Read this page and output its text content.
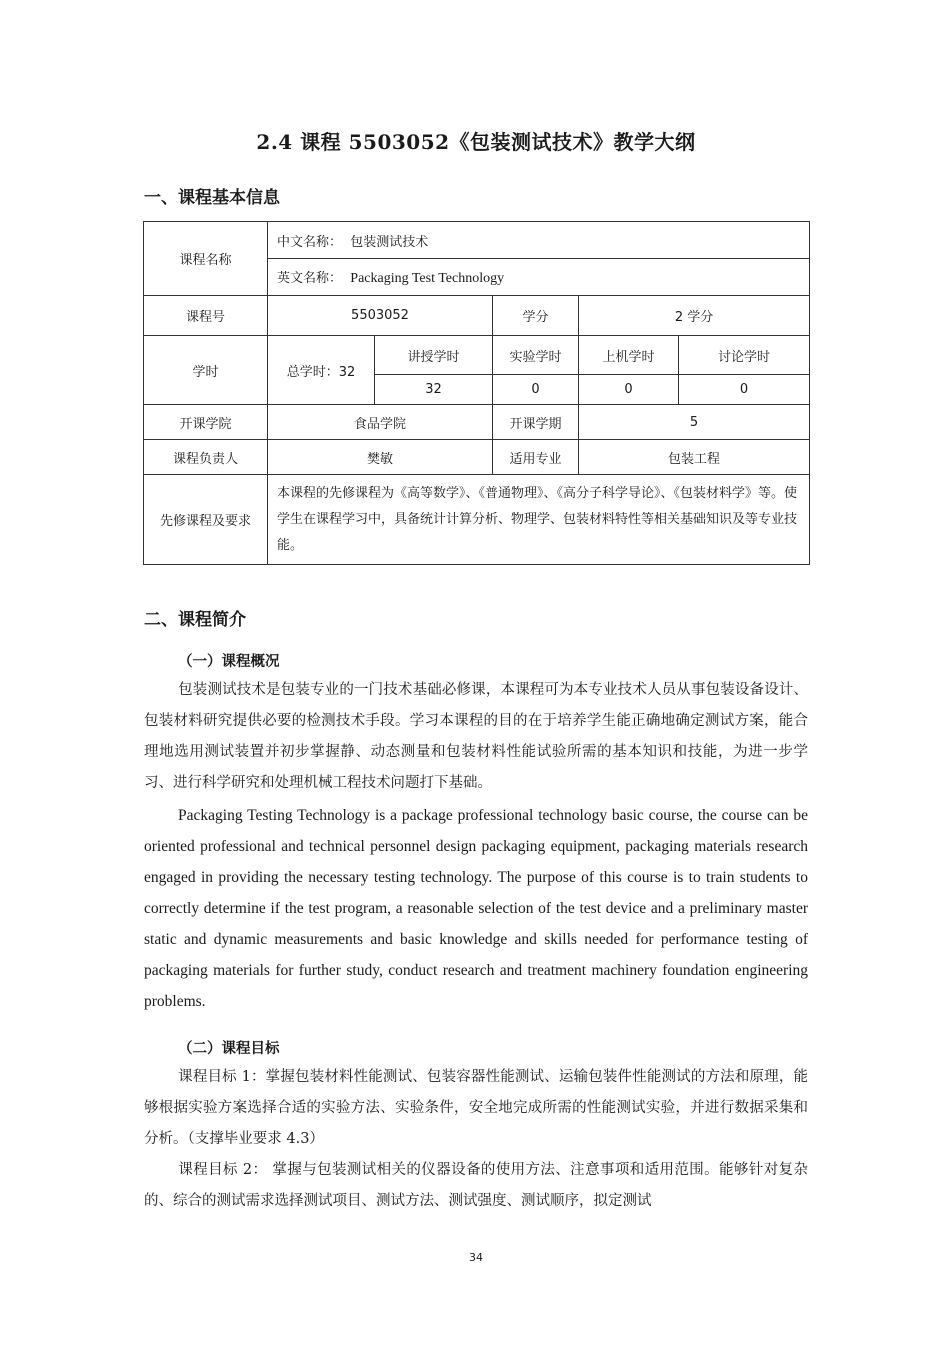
2.4 课程 5503052《包装测试技术》教学大纲
一、课程基本信息
课程名称	中文名称： 包装测试技术				
	英文名称： Packaging Test Technology				
课程号	5503052		学分	2 学分	
学时	总学时：32	讲授学时	实验学时	上机学时	讨论学时
		32	0	0	0
开课学院	食品学院		开课学期	5	
课程负责人	樊敏		适用专业	包装工程	
先修课程及要求	本课程的先修课程为《高等数学》、《普通物理》、《高分子科学导论》、《包装材料学》等。使学生在课程学习中，具备统计计算分析、物理学、包装材料特性等相关基础知识及等专业技能。				
二、课程简介
（一）课程概况
包装测试技术是包装专业的一门技术基础必修课，本课程可为本专业技术人员从事包装设备设计、包装材料研究提供必要的检测技术手段。学习本课程的目的在于培养学生能正确地确定测试方案，能合理地选用测试装置并初步掌握静、动态测量和包装材料性能试验所需的基本知识和技能，为进一步学习、进行科学研究和处理机械工程技术问题打下基础。
Packaging Testing Technology is a package professional technology basic course, the course can be oriented professional and technical personnel design packaging equipment, packaging materials research engaged in providing the necessary testing technology. The purpose of this course is to train students to correctly determine if the test program, a reasonable selection of the test device and a preliminary master static and dynamic measurements and basic knowledge and skills needed for performance testing of packaging materials for further study, conduct research and treatment machinery foundation engineering problems.
（二）课程目标
课程目标 1：掌握包装材料性能测试、包装容器性能测试、运输包装件性能测试的方法和原理，能够根据实验方案选择合适的实验方法、实验条件，安全地完成所需的性能测试实验，并进行数据采集和分析。（支撑毕业要求 4.3）
课程目标 2： 掌握与包装测试相关的仪器设备的使用方法、注意事项和适用范围。能够针对复杂的、综合的测试需求选择测试项目、测试方法、测试强度、测试顺序，拟定测试
34
